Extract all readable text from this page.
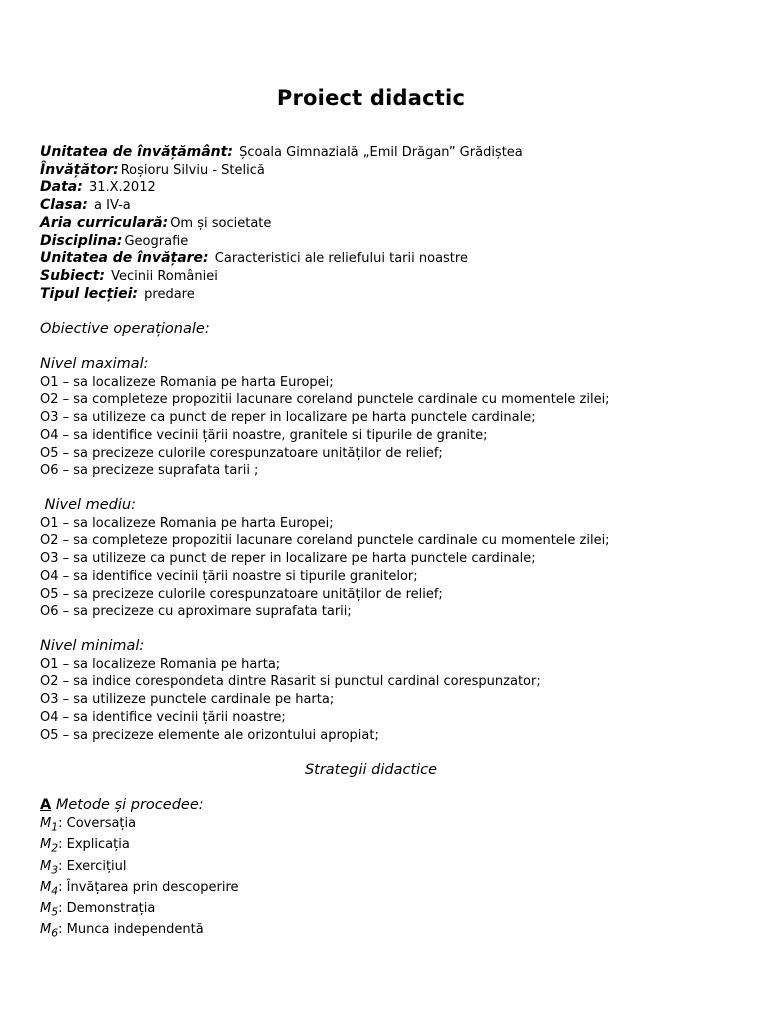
Proiect didactic
Unitatea de învățământ: Școala Gimnazială „Emil Drăgan” Grădiștea
Învățător: Roșioru Silviu - Stelică
Data: 31.X.2012
Clasa: a IV-a
Aria curriculară: Om și societate
Disciplina: Geografie
Unitatea de învățare: Caracteristici ale reliefului tarii noastre
Subiect: Vecinii României
Tipul lecției: predare
Obiective operaționale:
Nivel maximal:
O1 – sa localizeze Romania pe harta Europei;
O2 – sa completeze propozitii lacunare coreland punctele cardinale cu momentele zilei;
O3 – sa utilizeze ca punct de reper in localizare pe harta punctele cardinale;
O4 – sa identifice vecinii țării noastre, granitele si tipurile de granite;
O5 – sa precizeze culorile corespunzatoare unităților de relief;
O6 – sa precizeze suprafata tarii ;
Nivel mediu:
O1 – sa localizeze Romania pe harta Europei;
O2 – sa completeze propozitii lacunare coreland punctele cardinale cu momentele zilei;
O3 – sa utilizeze ca punct de reper in localizare pe harta punctele cardinale;
O4 – sa identifice vecinii țării noastre si tipurile granitelor;
O5 – sa precizeze culorile corespunzatoare unităților de relief;
O6 – sa precizeze cu aproximare suprafata tarii;
Nivel minimal:
O1 – sa localizeze Romania pe harta;
O2 – sa indice corespondeta dintre Rasarit si punctul cardinal corespunzator;
O3 – sa utilizeze punctele cardinale pe harta;
O4 – sa identifice vecinii țării noastre;
O5 – sa precizeze elemente ale orizontului apropiat;
Strategii didactice
A Metode și procedee:
$M_1$: Coversația
$M_2$: Explicația
$M_3$: Exercițiul
$M_4$: Învățarea prin descoperire
$M_5$: Demonstrația
$M_6$: Munca independentă
